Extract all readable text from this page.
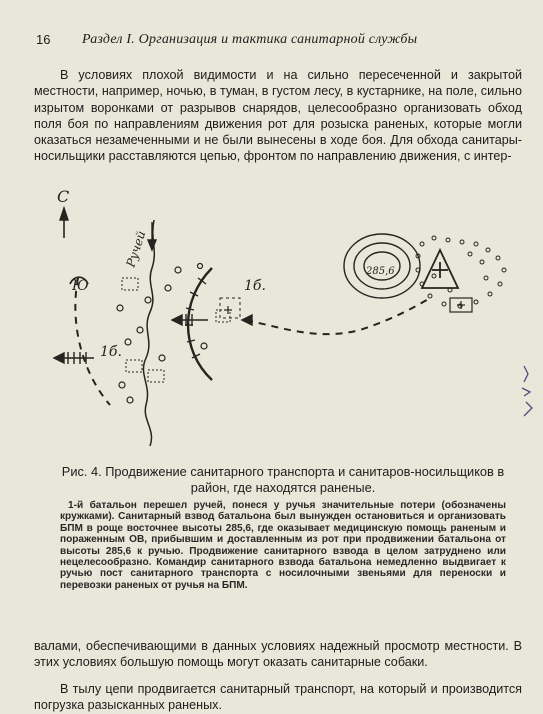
16 Раздел I. Организация и тактика санитарной службы

В условиях плохой видимости и на сильно пересеченной и закрытой местности, например, ночью, в туман, в густом лесу, в кустарнике, на поле, сильно изрытом воронками от разрывов снарядов, целесообразно организовать обход поля боя по направлениям движения рот для розыска раненых, которые могли оказаться незамеченными и не были вынесены в ходе боя. Для обхода санитары-носильщики расставляются цепью, фронтом по направлению движения, с интер-

С
Ю
1б.
1б.
Ручей
285,6

Рис. 4. Продвижение санитарного транспорта и санитаров-носильщиков в район, где находятся раненые.

1-й батальон перешел ручей, понеся у ручья значительные потери (обозначены кружками). Санитарный взвод батальона был вынужден остановиться и организовать БПМ в роще восточнее высоты 285,6, где оказывает медицинскую помощь раненым и пораженным ОВ, прибывшим и доставленным из рот при продвижении батальона от высоты 285,6 к ручью. Продвижение санитарного взвода в целом затруднено или нецелесообразно. Командир санитарного взвода батальона немедленно выдвигает к ручью пост санитарного транспорта с носилочными звеньями для переноски и перевозки раненых от ручья на БПМ.

валами, обеспечивающими в данных условиях надежный просмотр местности. В этих условиях большую помощь могут оказать санитарные собаки.

В тылу цепи продвигается санитарный транспорт, на который и производится погрузка разысканных раненых.
